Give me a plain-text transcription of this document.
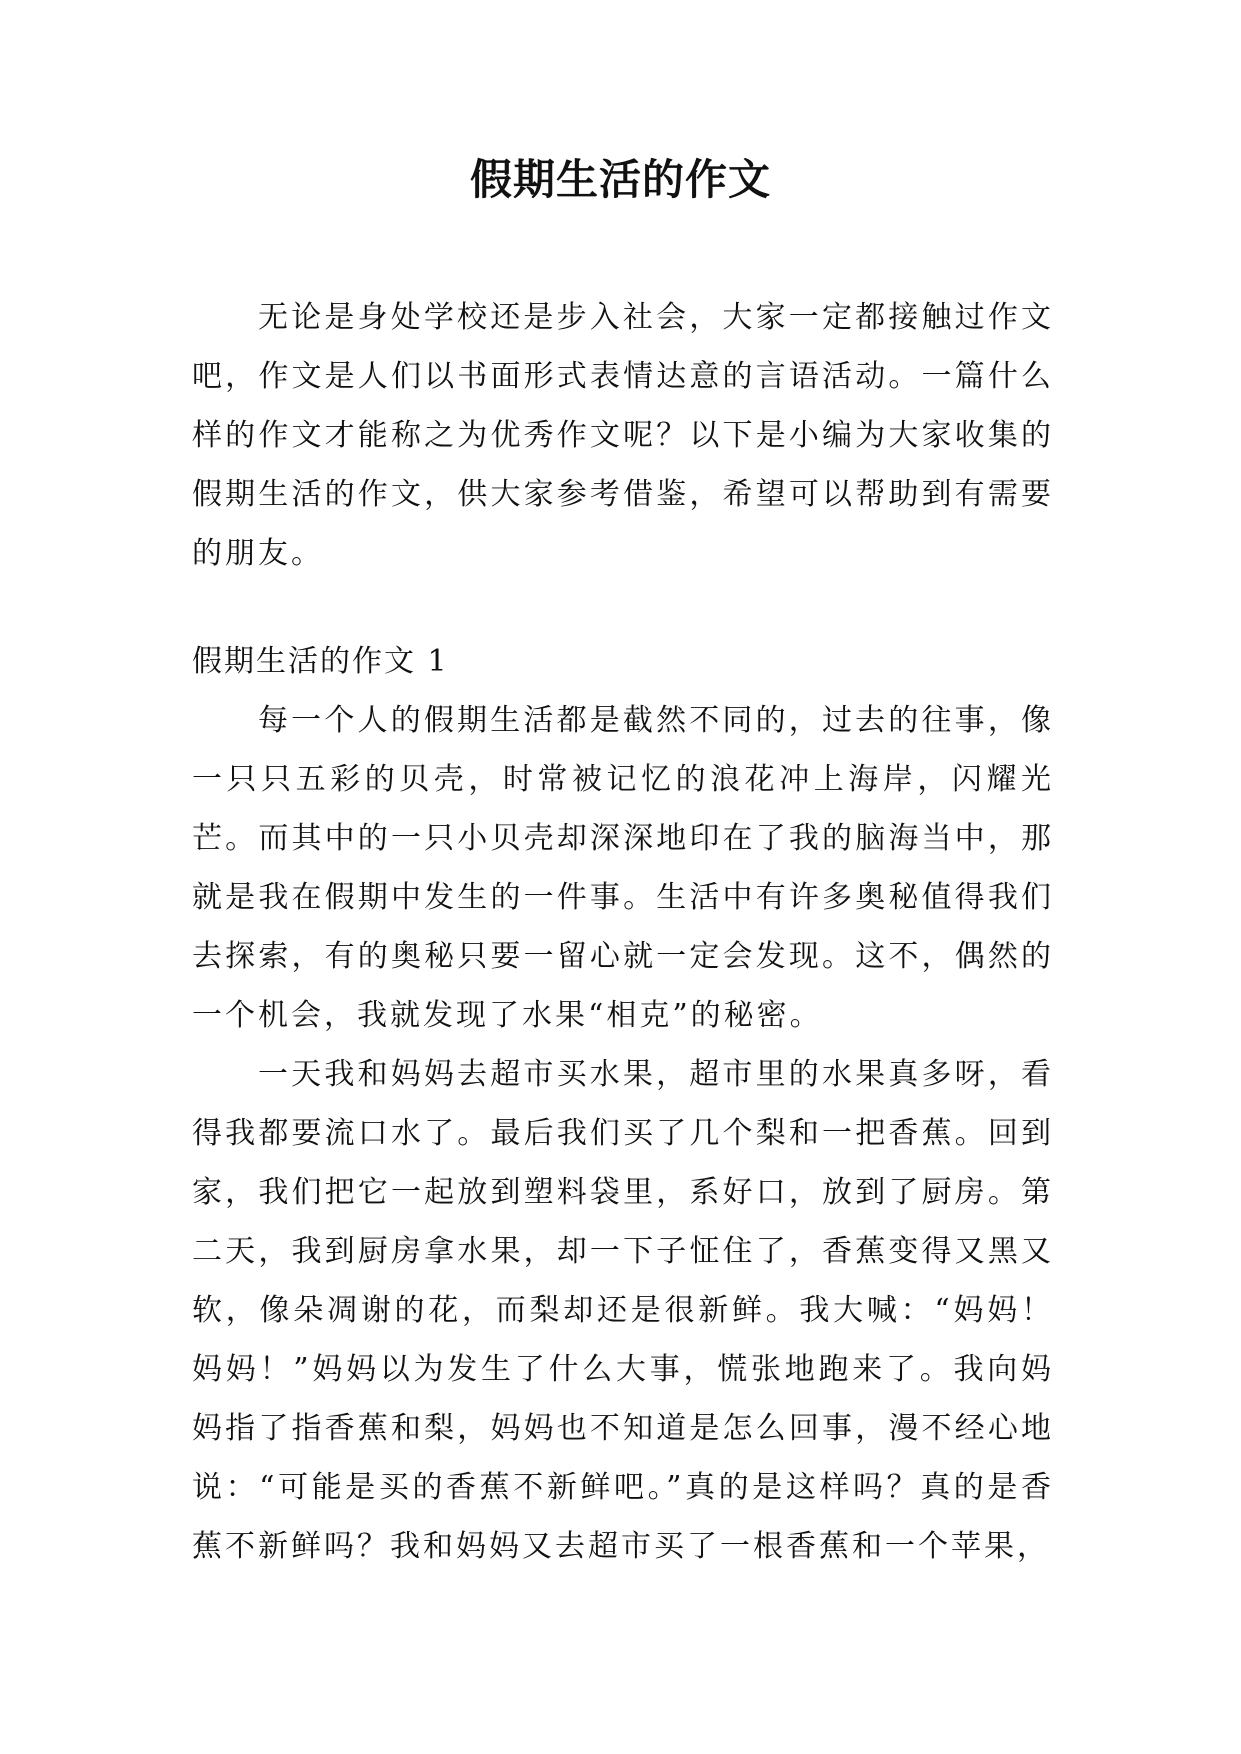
假期生活的作文

无论是身处学校还是步入社会，大家一定都接触过作文吧，作文是人们以书面形式表情达意的言语活动。一篇什么样的作文才能称之为优秀作文呢？以下是小编为大家收集的假期生活的作文，供大家参考借鉴，希望可以帮助到有需要的朋友。

假期生活的作文 1

每一个人的假期生活都是截然不同的，过去的往事，像一只只五彩的贝壳，时常被记忆的浪花冲上海岸，闪耀光芒。而其中的一只小贝壳却深深地印在了我的脑海当中，那就是我在假期中发生的一件事。生活中有许多奥秘值得我们去探索，有的奥秘只要一留心就一定会发现。这不，偶然的一个机会，我就发现了水果“相克”的秘密。

一天我和妈妈去超市买水果，超市里的水果真多呀，看得我都要流口水了。最后我们买了几个梨和一把香蕉。回到家，我们把它一起放到塑料袋里，系好口，放到了厨房。第二天，我到厨房拿水果，却一下子怔住了，香蕉变得又黑又软，像朵凋谢的花，而梨却还是很新鲜。我大喊：“妈妈！妈妈！”妈妈以为发生了什么大事，慌张地跑来了。我向妈妈指了指香蕉和梨，妈妈也不知道是怎么回事，漫不经心地说：“可能是买的香蕉不新鲜吧。”真的是这样吗？真的是香蕉不新鲜吗？我和妈妈又去超市买了一根香蕉和一个苹果，
